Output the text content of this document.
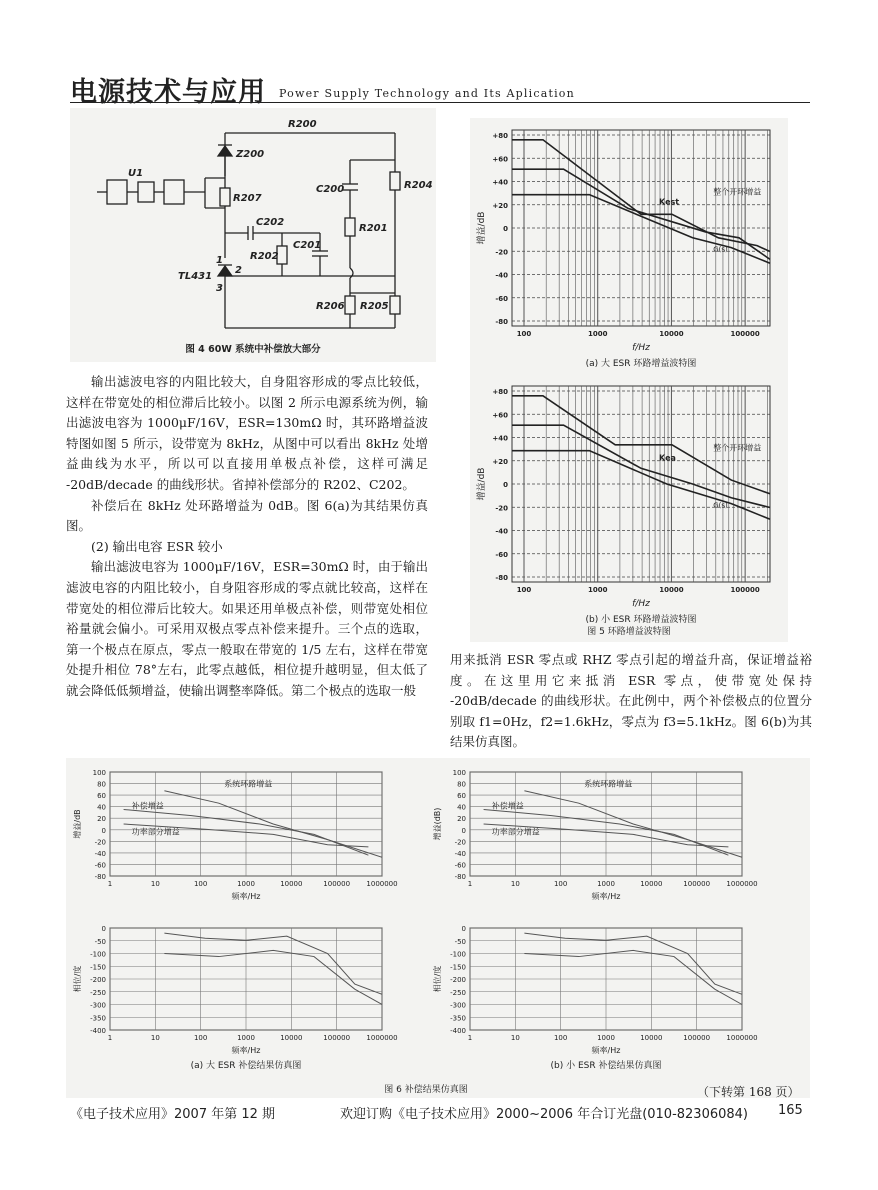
电源技术与应用 Power Supply Technology and Its Aplication
R200
Z200
U1
R207
C200	R204
C202
R201
C201
R202
1
2
TL431
3
R206 R205
图 4 60W 系统中补偿放大部分
+80
+60
+40
+20
0
-20
-40
-60
-80
100	1000	10000	100000
f/Hz
增益/dB
整个开环增益
Kest
G(s)
(a) 大 ESR 环路增益波特图
+80
+60
+40
+20
0
-20
-40
-60
-80
100	1000	10000	100000
f/Hz
增益/dB
整个开环增益
Kea
G(s)
(b) 小 ESR 环路增益波特图
图 5 环路增益波特图

输出滤波电容的内阻比较大，自身阻容形成的零点比较低，这样在带宽处的相位滞后比较小。以图 2 所示电源系统为例，输出滤波电容为 1000μF/16V，ESR=130mΩ 时，其环路增益波特图如图 5 所示，设带宽为 8kHz，从图中可以看出 8kHz 处增益曲线为水平，所以可以直接用单极点补偿，这样可满足 -20dB/decade 的曲线形状。省掉补偿部分的 R202、C202。

补偿后在 8kHz 处环路增益为 0dB。图 6(a)为其结果仿真图。

(2) 输出电容 ESR 较小

输出滤波电容为 1000μF/16V，ESR=30mΩ 时，由于输出滤波电容的内阻比较小，自身阻容形成的零点就比较高，这样在带宽处的相位滞后比较大。如果还用单极点补偿，则带宽处相位裕量就会偏小。可采用双极点零点补偿来提升。三个点的选取，第一个极点在原点，零点一般取在带宽的 1/5 左右，这样在带宽处提升相位 78°左右，此零点越低，相位提升越明显，但太低了就会降低低频增益，使输出调整率降低。第二个极点的选取一般

用来抵消 ESR 零点或 RHZ 零点引起的增益升高，保证增益裕度。在这里用它来抵消 ESR 零点，使带宽处保持 -20dB/decade 的曲线形状。在此例中，两个补偿极点的位置分别取 f1=0Hz，f2=1.6kHz，零点为 f3=5.1kHz。图 6(b)为其结果仿真图。

100
80
60
40
20
0
-20
-40
-60
-80
1	10	100	1000	10000	100000 1000000
频率/Hz
增益/dB
系统环路增益
补偿增益
功率部分增益
0
-50
-100
-150
-200
-250
-300
-350
-400
1	10	100	1000	10000	100000 1000000
频率/Hz
相位/度
(a) 大 ESR 补偿结果仿真图
100
80
60
40
20
0
-20
-40
-60
-80
1	10	100	1000	10000	100000 1000000
频率/Hz
增益(dB)
系统环路增益
补偿增益
功率部分增益
0
-50
-100
-150
-200
-250
-300
-350
-400
1	10	100	1000	10000	100000 1000000
频率/Hz
相位/度
(b) 小 ESR 补偿结果仿真图
图 6 补偿结果仿真图	（下转第 168 页）
《电子技术应用》2007 年第 12 期	欢迎订购《电子技术应用》2000~2006 年合订光盘(010-82306084) 165
